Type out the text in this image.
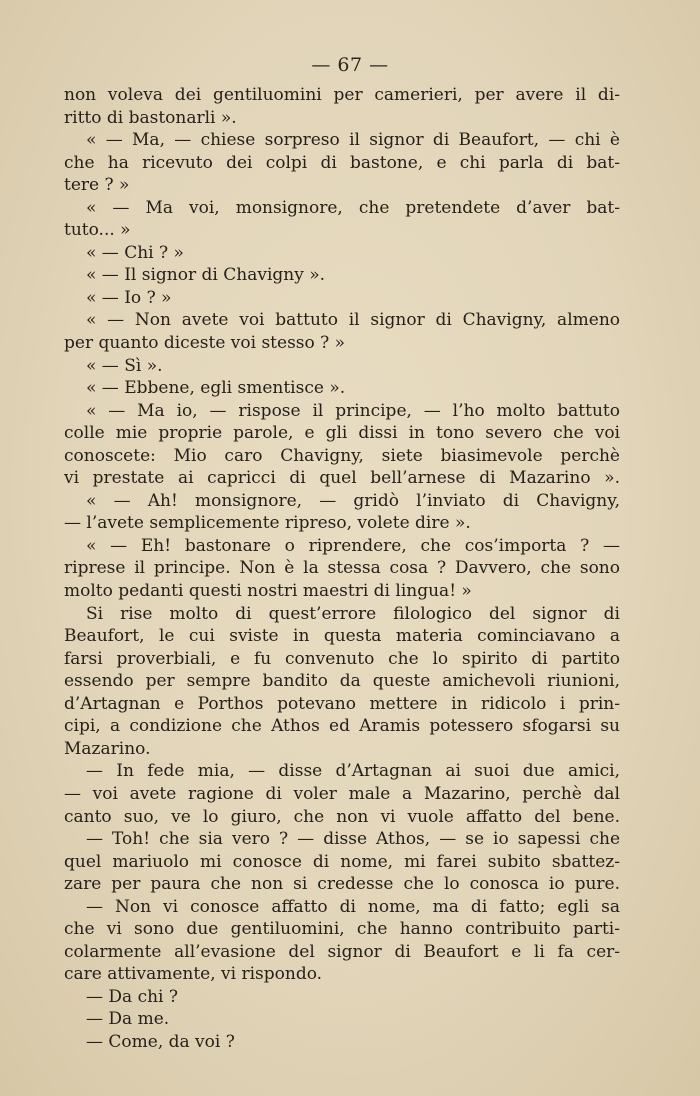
— 67 —
non voleva dei gentiluomini per camerieri, per avere il di-
ritto di bastonarli ».
« — Ma, — chiese sorpreso il signor di Beaufort, — chi è
che ha ricevuto dei colpi di bastone, e chi parla di bat-
tere ? »
« — Ma voi, monsignore, che pretendete d’aver bat-
tuto... »
« — Chi ? »
« — Il signor di Chavigny ».
« — Io ? »
« — Non avete voi battuto il signor di Chavigny, almeno
per quanto diceste voi stesso ? »
« — Sì ».
« — Ebbene, egli smentisce ».
« — Ma io, — rispose il principe, — l’ho molto battuto
colle mie proprie parole, e gli dissi in tono severo che voi
conoscete: Mio caro Chavigny, siete biasimevole perchè
vi prestate ai capricci di quel bell’arnese di Mazarino ».
« — Ah! monsignore, — gridò l’inviato di Chavigny,
— l’avete semplicemente ripreso, volete dire ».
« — Eh! bastonare o riprendere, che cos’importa ? —
riprese il principe. Non è la stessa cosa ? Davvero, che sono
molto pedanti questi nostri maestri di lingua! »
Si rise molto di quest’errore filologico del signor di
Beaufort, le cui sviste in questa materia cominciavano a
farsi proverbiali, e fu convenuto che lo spirito di partito
essendo per sempre bandito da queste amichevoli riunioni,
d’Artagnan e Porthos potevano mettere in ridicolo i prin-
cipi, a condizione che Athos ed Aramis potessero sfogarsi su
Mazarino.
— In fede mia, — disse d’Artagnan ai suoi due amici,
— voi avete ragione di voler male a Mazarino, perchè dal
canto suo, ve lo giuro, che non vi vuole affatto del bene.
— Toh! che sia vero ? — disse Athos, — se io sapessi che
quel mariuolo mi conosce di nome, mi farei subito sbattez-
zare per paura che non si credesse che lo conosca io pure.
— Non vi conosce affatto di nome, ma di fatto; egli sa
che vi sono due gentiluomini, che hanno contribuito parti-
colarmente all’evasione del signor di Beaufort e li fa cer-
care attivamente, vi rispondo.
— Da chi ?
— Da me.
— Come, da voi ?
